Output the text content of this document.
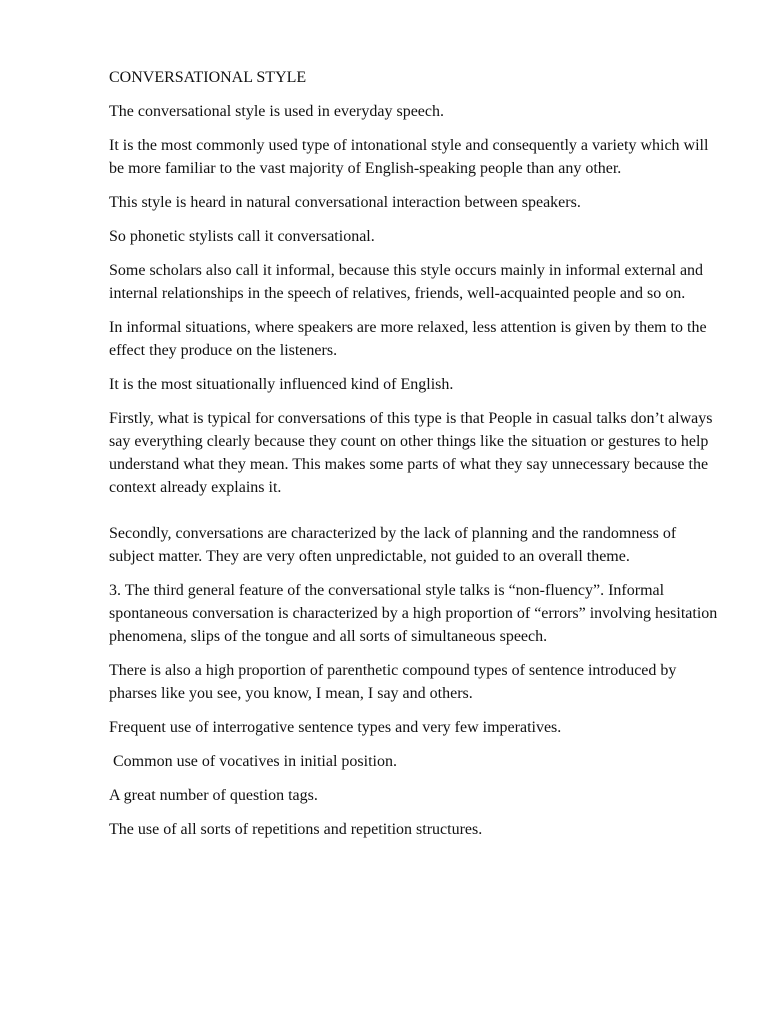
CONVERSATIONAL STYLE

The conversational style is used in everyday speech.

It is the most commonly used type of intonational style and consequently a variety which will be more familiar to the vast majority of English-speaking people than any other.

This style is heard in natural conversational interaction between speakers.

So phonetic stylists call it conversational.

Some scholars also call it informal, because this style occurs mainly in informal external and internal relationships in the speech of relatives, friends, well-acquainted people and so on.

In informal situations, where speakers are more relaxed, less attention is given by them to the effect they produce on the listeners.

It is the most situationally influenced kind of English.

Firstly, what is typical for conversations of this type is that People in casual talks don’t always say everything clearly because they count on other things like the situation or gestures to help understand what they mean. This makes some parts of what they say unnecessary because the context already explains it.

Secondly, conversations are characterized by the lack of planning and the randomness of subject matter. They are very often unpredictable, not guided to an overall theme.

3. The third general feature of the conversational style talks is “non-fluency”. Informal spontaneous conversation is characterized by a high proportion of “errors” involving hesitation phenomena, slips of the tongue and all sorts of simultaneous speech.

There is also a high proportion of parenthetic compound types of sentence introduced by pharses like you see, you know, I mean, I say and others.

Frequent use of interrogative sentence types and very few imperatives.

Common use of vocatives in initial position.

A great number of question tags.

The use of all sorts of repetitions and repetition structures.
